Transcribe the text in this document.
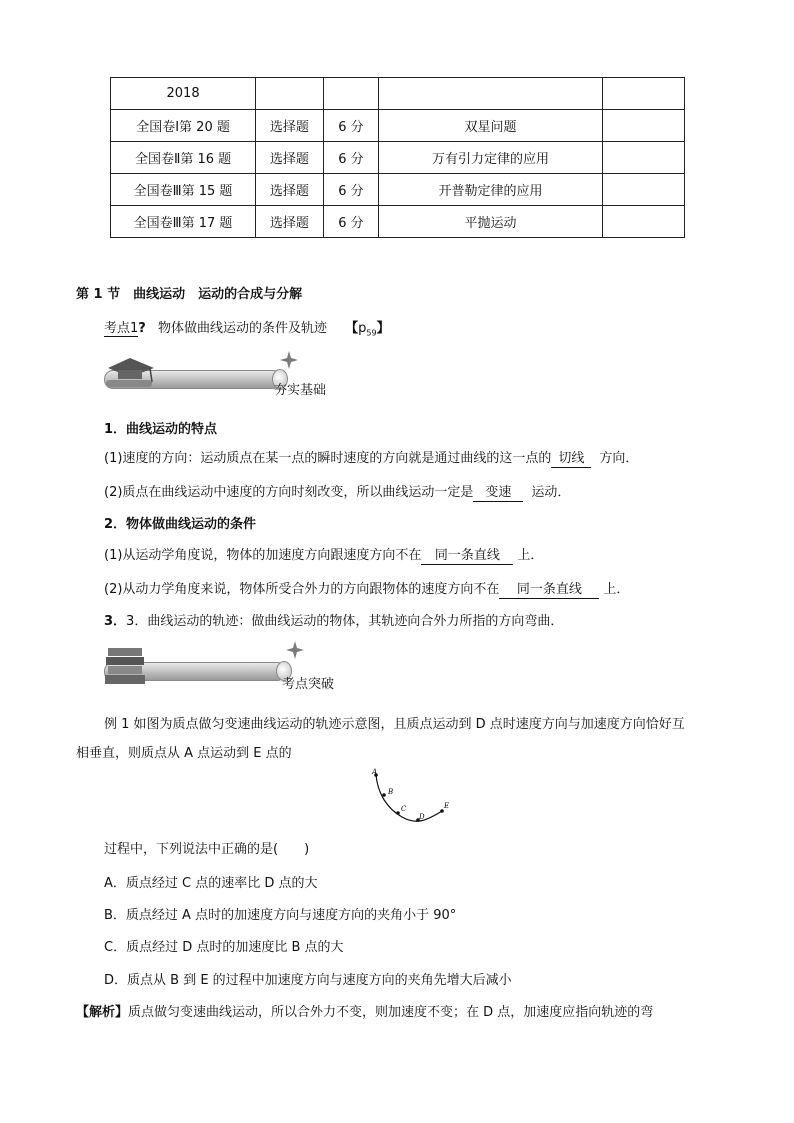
2018				
全国卷Ⅰ第 20 题	选择题	6 分	双星问题	
全国卷Ⅱ第 16 题	选择题	6 分	万有引力定律的应用	
全国卷Ⅲ第 15 题	选择题	6 分	开普勒定律的应用	
全国卷Ⅲ第 17 题	选择题	6 分	平抛运动	
第 1 节　曲线运动　运动的合成与分解
考点1? 物体做曲线运动的条件及轨迹 【$p_{59}$】
夯实基础
1．曲线运动的特点
(1)速度的方向：运动质点在某一点的瞬时速度的方向就是通过曲线的这一点的 切线 方向．
(2)质点在曲线运动中速度的方向时刻改变，所以曲线运动一定是 变速 运动．
2．物体做曲线运动的条件
(1)从运动学角度说，物体的加速度方向跟速度方向不在 同一条直线 上．
(2)从动力学角度来说，物体所受合外力的方向跟物体的速度方向不在 同一条直线 上．
3．3．曲线运动的轨迹：做曲线运动的物体，其轨迹向合外力所指的方向弯曲．
考点突破
例 1 如图为质点做匀变速曲线运动的轨迹示意图，且质点运动到 D 点时速度方向与加速度方向恰好互
相垂直，则质点从 A 点运动到 E 点的
A
B
C
D
E
过程中，下列说法中正确的是(　　)
A．质点经过 C 点的速率比 D 点的大
B．质点经过 A 点时的加速度方向与速度方向的夹角小于 90°
C．质点经过 D 点时的加速度比 B 点的大
D．质点从 B 到 E 的过程中加速度方向与速度方向的夹角先增大后减小
【解析】质点做匀变速曲线运动，所以合外力不变，则加速度不变；在 D 点，加速度应指向轨迹的弯
